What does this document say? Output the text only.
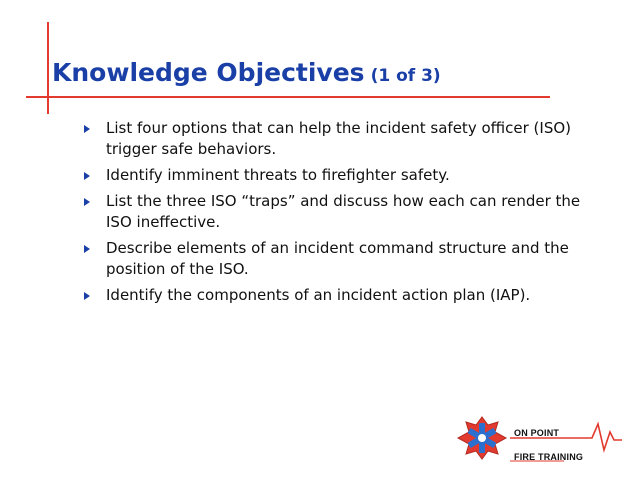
Knowledge Objectives (1 of 3)
List four options that can help the incident safety officer (ISO) trigger safe behaviors.
Identify imminent threats to firefighter safety.
List the three ISO “traps” and discuss how each can render the ISO ineffective.
Describe elements of an incident command structure and the position of the ISO.
Identify the components of an incident action plan (IAP).
ON POINT
FIRE TRAINING
